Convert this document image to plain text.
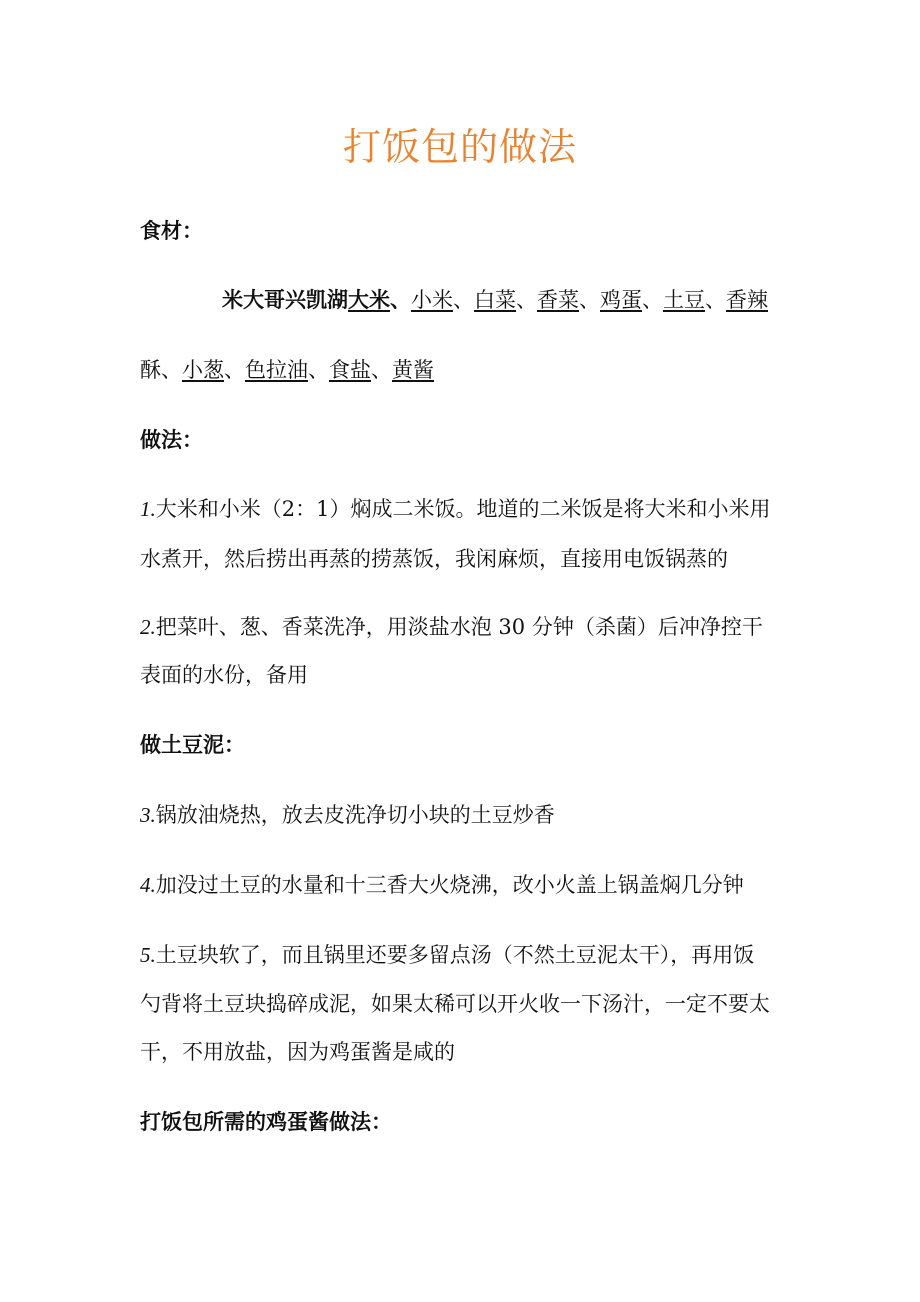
打饭包的做法
食材：
米大哥兴凯湖大米、小米、白菜、香菜、鸡蛋、土豆、香辣
酥、小葱、色拉油、食盐、黄酱
做法：
1.大米和小米（2：1）焖成二米饭。地道的二米饭是将大米和小米用
水煮开，然后捞出再蒸的捞蒸饭，我闲麻烦，直接用电饭锅蒸的
2.把菜叶、葱、香菜洗净，用淡盐水泡 30 分钟（杀菌）后冲净控干
表面的水份，备用
做土豆泥：
3.锅放油烧热，放去皮洗净切小块的土豆炒香
4.加没过土豆的水量和十三香大火烧沸，改小火盖上锅盖焖几分钟
5.土豆块软了，而且锅里还要多留点汤（不然土豆泥太干），再用饭
勺背将土豆块捣碎成泥，如果太稀可以开火收一下汤汁，一定不要太
干，不用放盐，因为鸡蛋酱是咸的
打饭包所需的鸡蛋酱做法：
